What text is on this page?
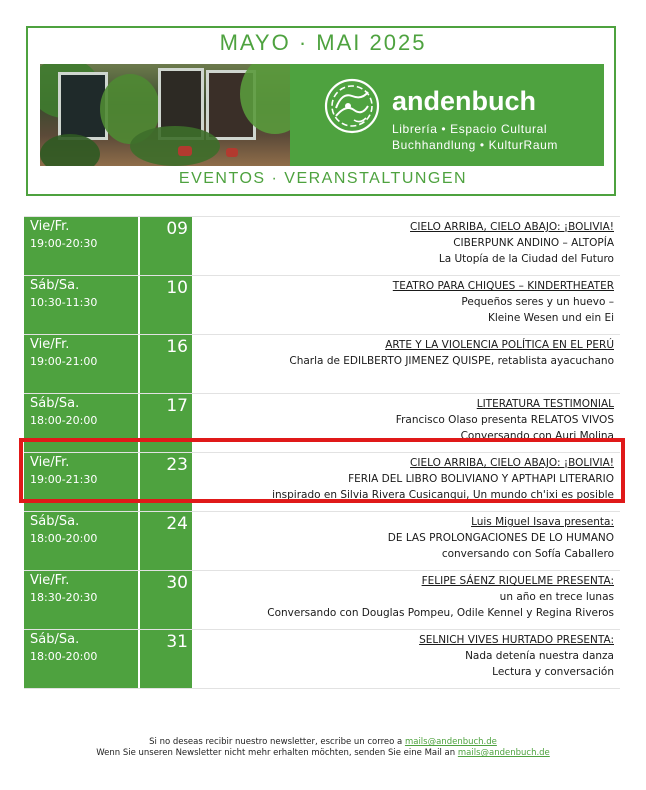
MAYO · MAI 2025
andenbuch
Librería • Espacio Cultural
Buchhandlung • KulturRaum
EVENTOS · VERANSTALTUNGEN
Vie/Fr.
19:00-20:30
09	CIELO ARRIBA, CIELO ABAJO: ¡BOLIVIA!
CIBERPUNK ANDINO – ALTOPÍA
La Utopía de la Ciudad del Futuro
Sáb/Sa.
10:30-11:30
10	TEATRO PARA CHIQUES – KINDERTHEATER
Pequeños seres y un huevo –
Kleine Wesen und ein Ei
Vie/Fr.
19:00-21:00
16	ARTE Y LA VIOLENCIA POLÍTICA EN EL PERÚ
Charla de EDILBERTO JIMENEZ QUISPE, retablista ayacuchano
Sáb/Sa.
18:00-20:00
17	LITERATURA TESTIMONIAL
Francisco Olaso presenta RELATOS VIVOS
Conversando con Auri Molina
Vie/Fr.
19:00-21:30
23	CIELO ARRIBA, CIELO ABAJO: ¡BOLIVIA!
FERIA DEL LIBRO BOLIVIANO Y APTHAPI LITERARIO
inspirado en Silvia Rivera Cusicanqui, Un mundo ch'ixi es posible
Sáb/Sa.
18:00-20:00
24	Luis Miguel Isava presenta:
DE LAS PROLONGACIONES DE LO HUMANO
conversando con Sofía Caballero
Vie/Fr.
18:30-20:30
30	FELIPE SÁENZ RIQUELME PRESENTA:
un año en trece lunas
Conversando con Douglas Pompeu, Odile Kennel y Regina Riveros
Sáb/Sa.
18:00-20:00
31	SELNICH VIVES HURTADO PRESENTA:
Nada detenía nuestra danza
Lectura y conversación
Si no deseas recibir nuestro newsletter, escribe un correo a mails@andenbuch.de
Wenn Sie unseren Newsletter nicht mehr erhalten möchten, senden Sie eine Mail an mails@andenbuch.de
